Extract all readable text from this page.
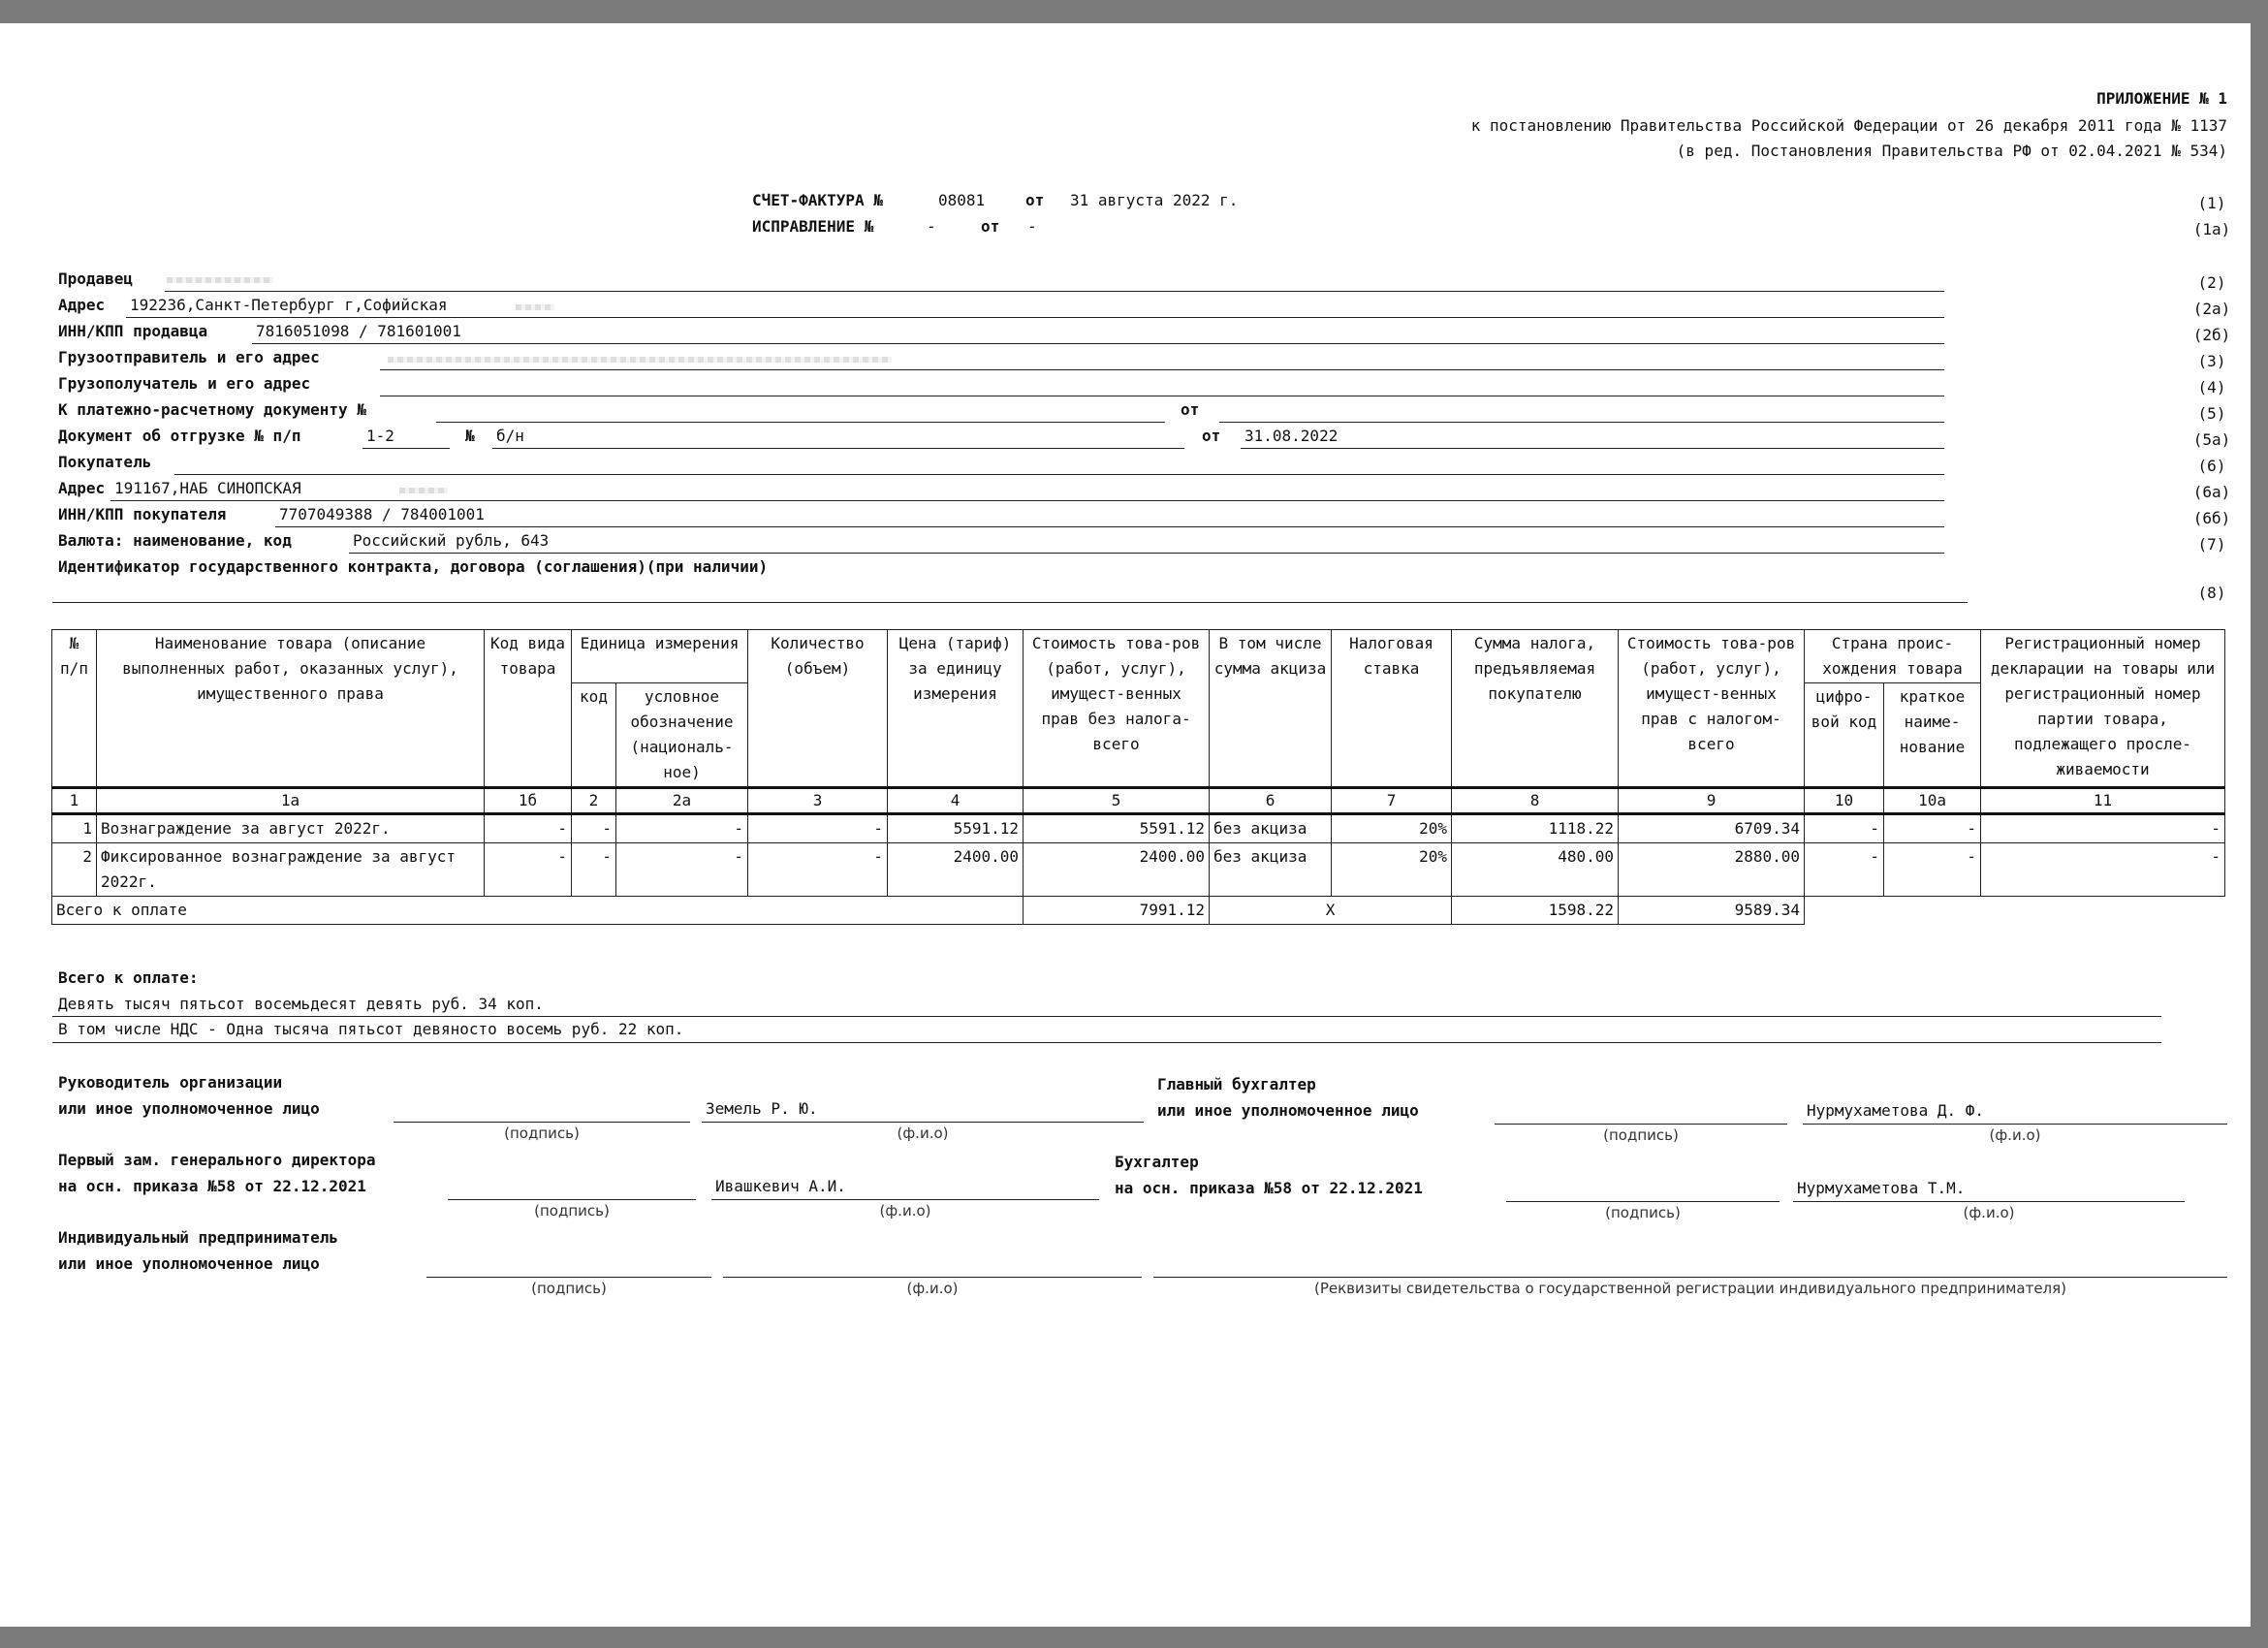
ПРИЛОЖЕНИЕ № 1
к постановлению Правительства Российской Федерации от 26 декабря 2011 года № 1137
(в ред. Постановления Правительства РФ от 02.04.2021 № 534)
СЧЕТ-ФАКТУРА №	08081	от 31 августа 2022 г.	(1)
ИСПРАВЛЕНИЕ №	-	от -	(1а)
Продавец	(2)
Адрес 192236,Санкт-Петербург г,Софийская	(2а)
ИНН/КПП продавца	7816051098 / 781601001	(2б)
Грузоотправитель и его адрес	(3)
Грузополучатель и его адрес	(4)
К платежно-расчетному документу №	от	(5)
Документ об отгрузке № п/п	1-2	№ б/н	от 31.08.2022	(5а)
Покупатель	(6)
Адрес 191167,НАБ СИНОПСКАЯ	(6а)
ИНН/КПП покупателя	7707049388 / 784001001	(6б)
Валюта: наименование, код	Российский рубль, 643	(7)
Идентификатор государственного контракта, договора (соглашения)(при наличии)
(8)
№ п/п	Наименование товара (описание выполненных работ, оказанных услуг), имущественного права	Код вида товара	Единица измерения		Количество (объем)	Цена (тариф) за единицу измерения	Стоимость това-ров (работ, услуг), имущест-венных прав без налога-всего	В том числе сумма акциза	Налоговая ставка	Сумма налога, предъявляемая покупателю	Стоимость това-ров (работ, услуг), имущест-венных прав с налогом-всего	Страна проис-хождения товара		Регистрационный номер декларации на товары или регистрационный номер партии товара, подлежащего просле-живаемости
			код	условное обозначение (националь-ное)								цифро-вой код	краткое наиме-нование	
1	1а	1б	2	2а	3	4	5	6	7	8	9	10	10а	11
1	Вознаграждение за август 2022г.	-	-	-	-	5591.12	5591.12	без акциза	20%	1118.22	6709.34	-	-	-
2	Фиксированное вознаграждение за август 2022г.	-	-	-	-	2400.00	2400.00	без акциза	20%	480.00	2880.00	-	-	-
Всего к оплате							7991.12	X		1598.22	9589.34			
Всего к оплате:
Девять тысяч пятьсот восемьдесят девять руб. 34 коп.
В том числе НДС - Одна тысяча пятьсот девяносто восемь руб. 22 коп.
Руководитель организации
или иное уполномоченное лицо
(подпись)
Земель Р. Ю.
(ф.и.о)
Главный бухгалтер
или иное уполномоченное лицо
(подпись)
Нурмухаметова Д. Ф.
(ф.и.о)
Первый зам. генерального директора
на осн. приказа №58 от 22.12.2021
(подпись)
Ивашкевич А.И.
(ф.и.о)
Бухгалтер
на осн. приказа №58 от 22.12.2021
(подпись)
Нурмухаметова Т.М.
(ф.и.о)
Индивидуальный предприниматель
или иное уполномоченное лицо
(подпись)	(ф.и.о)	(Реквизиты свидетельства о государственной регистрации индивидуального предпринимателя)
